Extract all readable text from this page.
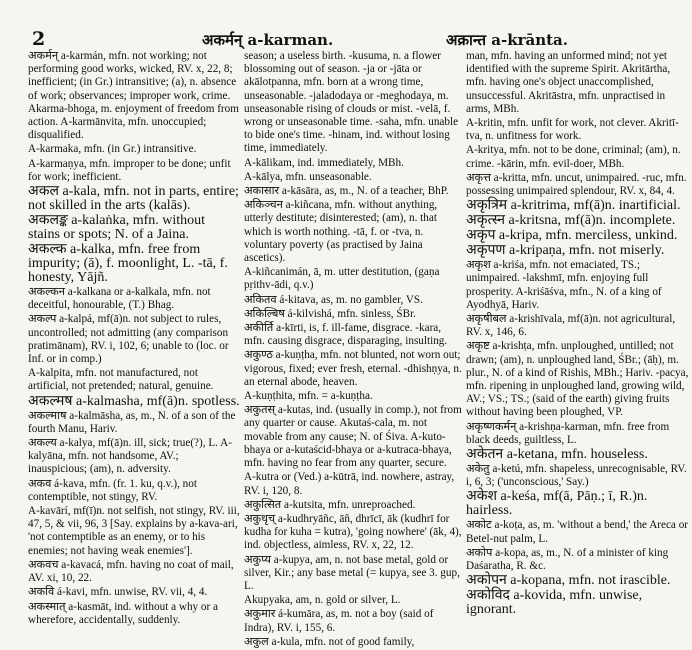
2	अकर्मन् a-karman.	अक्रान्त a-krānta.

अकर्मन् a-karmán, mfn. not working; not performing good works, wicked, RV. x, 22, 8; inefficient; (in Gr.) intransitive; (a), n. absence of work; observances; improper work, crime. Akarma-bhoga, m. enjoyment of freedom from action. A-karmānvita, mfn. unoccupied; disqualified.

A-karmaka, mfn. (in Gr.) intransitive.

A-karmaṇya, mfn. improper to be done; unfit for work; inefficient.

अकल a-kala, mfn. not in parts, entire; not skilled in the arts (kalās).

अकलङ्क a-kalaṅka, mfn. without stains or spots; N. of a Jaina.

अकल्क a-kalka, mfn. free from impurity; (ā), f. moonlight, L. -tā, f. honesty, Yājñ.

अकल्कन a-kalkana or a-kalkala, mfn. not deceitful, honourable, (T.) Bhag.

अकल्प a-kalpá, mf(ā)n. not subject to rules, uncontrolled; not admitting (any comparison pratimānam), RV. i, 102, 6; unable to (loc. or Inf. or in comp.)

A-kalpita, mfn. not manufactured, not artificial, not pretended; natural, genuine.

अकल्मष a-kalmasha, mf(ā)n. spotless.

अकल्माष a-kalmāsha, as, m., N. of a son of the fourth Manu, Hariv.

अकल्य a-kalya, mf(ā)n. ill, sick; true(?), L. A-kalyāna, mfn. not handsome, AV.; inauspicious; (am), n. adversity.

अकव á-kava, mfn. (fr. 1. ku, q.v.), not contemptible, not stingy, RV.

A-kavārí, mf(ī)n. not selfish, not stingy, RV. iii, 47, 5, & vii, 96, 3 [Say. explains by a-kava-ari, 'not contemptible as an enemy, or to his enemies; not having weak enemies'].

अकवच a-kavacá, mfn. having no coat of mail, AV. xi, 10, 22.

अकवि á-kavi, mfn. unwise, RV. vii, 4, 4.

अकस्मात् a-kasmāt, ind. without a why or a wherefore, accidentally, suddenly.

season; a useless birth. -kusuma, n. a flower blossoming out of season. -ja or -jāta or akālotpanna, mfn. born at a wrong time, unseasonable. -jaladodaya or -meghodaya, m. unseasonable rising of clouds or mist. -velā, f. wrong or unseasonable time. -saha, mfn. unable to bide one's time. -hinam, ind. without losing time, immediately.

A-kālikam, ind. immediately, MBh.

A-kālya, mfn. unseasonable.

अकासार a-kāsāra, as, m., N. of a teacher, BhP.

अकिञ्चन a-kiñcana, mfn. without anything, utterly destitute; disinterested; (am), n. that which is worth nothing. -tā, f. or -tva, n. voluntary poverty (as practised by Jaina ascetics).

A-kiñcanimán, ā, m. utter destitution, (gaṇa pṛithv-ādi, q.v.)

अकितव á-kitava, as, m. no gambler, VS.

अकिल्बिष á-kilvishá, mfn. sinless, ŚBr.

अकीर्ति a-kīrti, is, f. ill-fame, disgrace. -kara, mfn. causing disgrace, disparaging, insulting.

अकुण्ठ a-kuṇṭha, mfn. not blunted, not worn out; vigorous, fixed; ever fresh, eternal. -dhishṇya, n. an eternal abode, heaven.

A-kuṇṭhita, mfn. = a-kuṇṭha.

अकुतस् a-kutas, ind. (usually in comp.), not from any quarter or cause. Akutaś-cala, m. not movable from any cause; N. of Śiva. A-kuto-bhaya or a-kutaścid-bhaya or a-kutraca-bhaya, mfn. having no fear from any quarter, secure.

A-kutra or (Ved.) a-kūtrā, ind. nowhere, astray, RV. i, 120, 8.

अकुत्सित a-kutsita, mfn. unreproached.

अकुधृच् a-kudhryāñc, āñ, dhrīcī, āk (kudhrī for kudha for kuha = kutra), 'going nowhere' (āk, 4), ind. objectless, aimless, RV. x, 22, 12.

अकुप्य a-kupya, am, n. not base metal, gold or silver, Kir.; any base metal (= kupya, see 3. gup, L.

Akupyaka, am, n. gold or silver, L.

अकुमार á-kumāra, as, m. not a boy (said of Indra), RV. i, 155, 6.

अकुल a-kula, mfn. not of good family,

man, mfn. having an unformed mind; not yet identified with the supreme Spirit. Akritārtha, mfn. having one's object unaccomplished, unsuccessful. Akritāstra, mfn. unpractised in arms, MBh.

A-kritin, mfn. unfit for work, not clever. Akritī-tva, n. unfitness for work.

A-kritya, mfn. not to be done, criminal; (am), n. crime. -kārin, mfn. evil-doer, MBh.

अकृत्त a-kritta, mfn. uncut, unimpaired. -ruc, mfn. possessing unimpaired splendour, RV. x, 84, 4.

अकृत्रिम a-kritrima, mf(ā)n. inartificial.

अकृत्स्न a-kritsna, mf(ā)n. incomplete.

अकृप a-kripa, mfn. merciless, unkind.

अकृपण a-kripaṇa, mfn. not miserly.

अकृश a-kriśa, mfn. not emaciated, TS.; unimpaired. -lakshmī, mfn. enjoying full prosperity. A-kriśāśva, mfn., N. of a king of Ayodhyā, Hariv.

अकृषीबल a-krishīvala, mf(ā)n. not agricultural, RV. x, 146, 6.

अकृष्ट a-krishṭa, mfn. unploughed, untilled; not drawn; (am), n. unploughed land, ŚBr.; (āḥ), m. plur., N. of a kind of Rishis, MBh.; Hariv. -pacya, mfn. ripening in unploughed land, growing wild, AV.; VS.; TS.; (said of the earth) giving fruits without having been ploughed, VP.

अकृष्णकर्मन् a-krishṇa-karman, mfn. free from black deeds, guiltless, L.

अकेतन a-ketana, mfn. houseless.

अकेतु a-ketú, mfn. shapeless, unrecognisable, RV. i, 6, 3; ('unconscious,' Say.)

अकेश a-keśa, mf(ā, Pāṇ.; ī, R.)n. hairless.

अकोट a-koṭa, as, m. 'without a bend,' the Areca or Betel-nut palm, L.

अकोप a-kopa, as, m., N. of a minister of king Daśaratha, R. &c.

अकोपन a-kopana, mfn. not irascible.

अकोविद a-kovida, mfn. unwise, ignorant.
